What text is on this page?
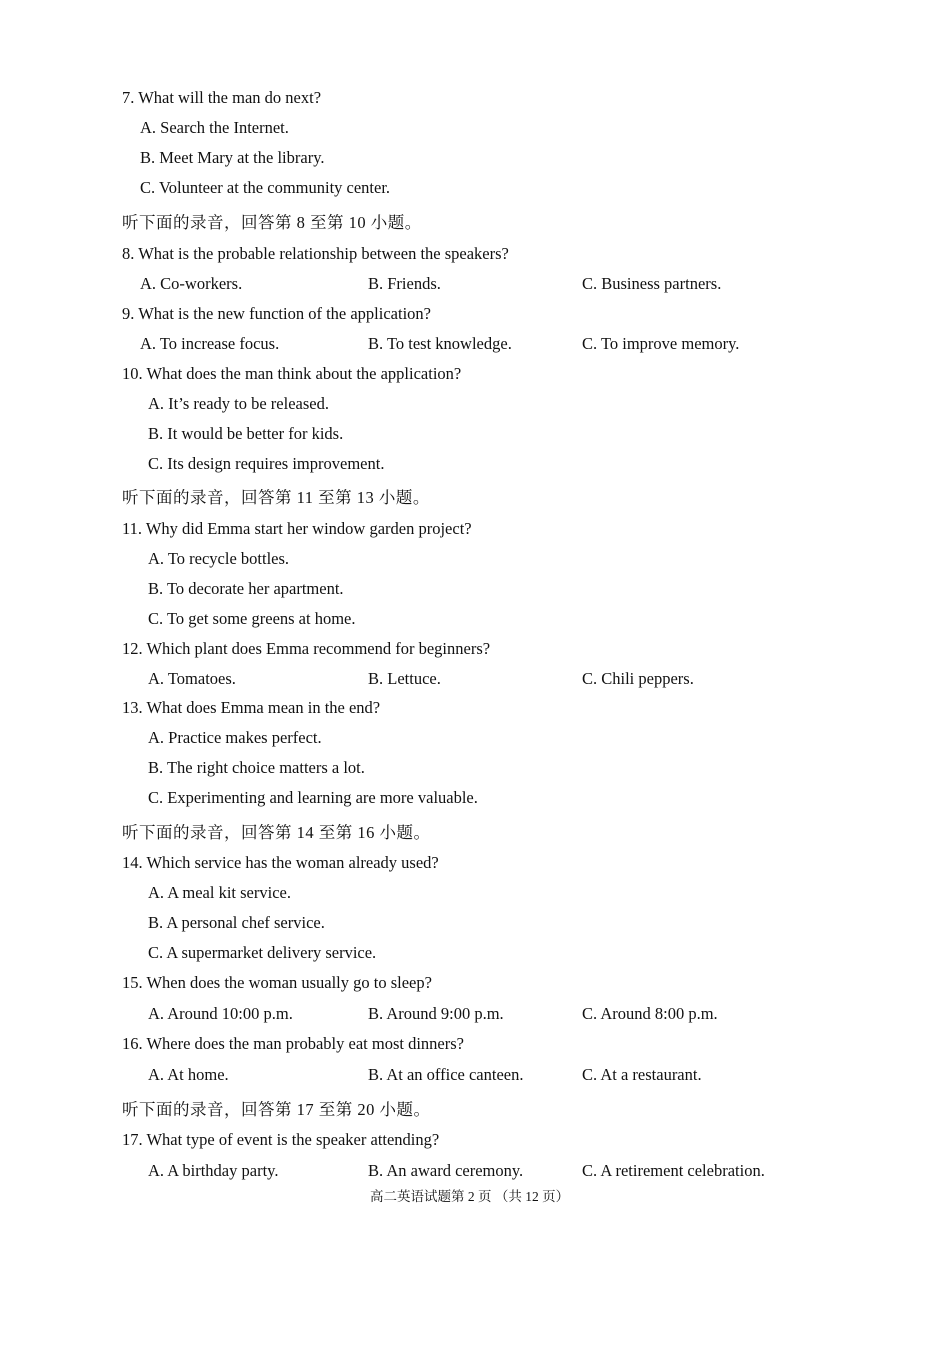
7. What will the man do next?
A. Search the Internet.
B. Meet Mary at the library.
C. Volunteer at the community center.
听下面的录音，回答第 8 至第 10 小题。
8. What is the probable relationship between the speakers?
A. Co-workers.	B. Friends.	C. Business partners.
9. What is the new function of the application?
A. To increase focus.	B. To test knowledge.	C. To improve memory.
10. What does the man think about the application?
A. It’s ready to be released.
B. It would be better for kids.
C. Its design requires improvement.
听下面的录音，回答第 11 至第 13 小题。
11. Why did Emma start her window garden project?
A. To recycle bottles.
B. To decorate her apartment.
C. To get some greens at home.
12. Which plant does Emma recommend for beginners?
A. Tomatoes.	B. Lettuce.	C. Chili peppers.
13. What does Emma mean in the end?
A. Practice makes perfect.
B. The right choice matters a lot.
C. Experimenting and learning are more valuable.
听下面的录音，回答第 14 至第 16 小题。
14. Which service has the woman already used?
A. A meal kit service.
B. A personal chef service.
C. A supermarket delivery service.
15. When does the woman usually go to sleep?
A. Around 10:00 p.m.	B. Around 9:00 p.m.	C. Around 8:00 p.m.
16. Where does the man probably eat most dinners?
A. At home.	B. At an office canteen.	C. At a restaurant.
听下面的录音，回答第 17 至第 20 小题。
17. What type of event is the speaker attending?
A. A birthday party.	B. An award ceremony.	C. A retirement celebration.
高二英语试题第 2 页 （共 12 页）
